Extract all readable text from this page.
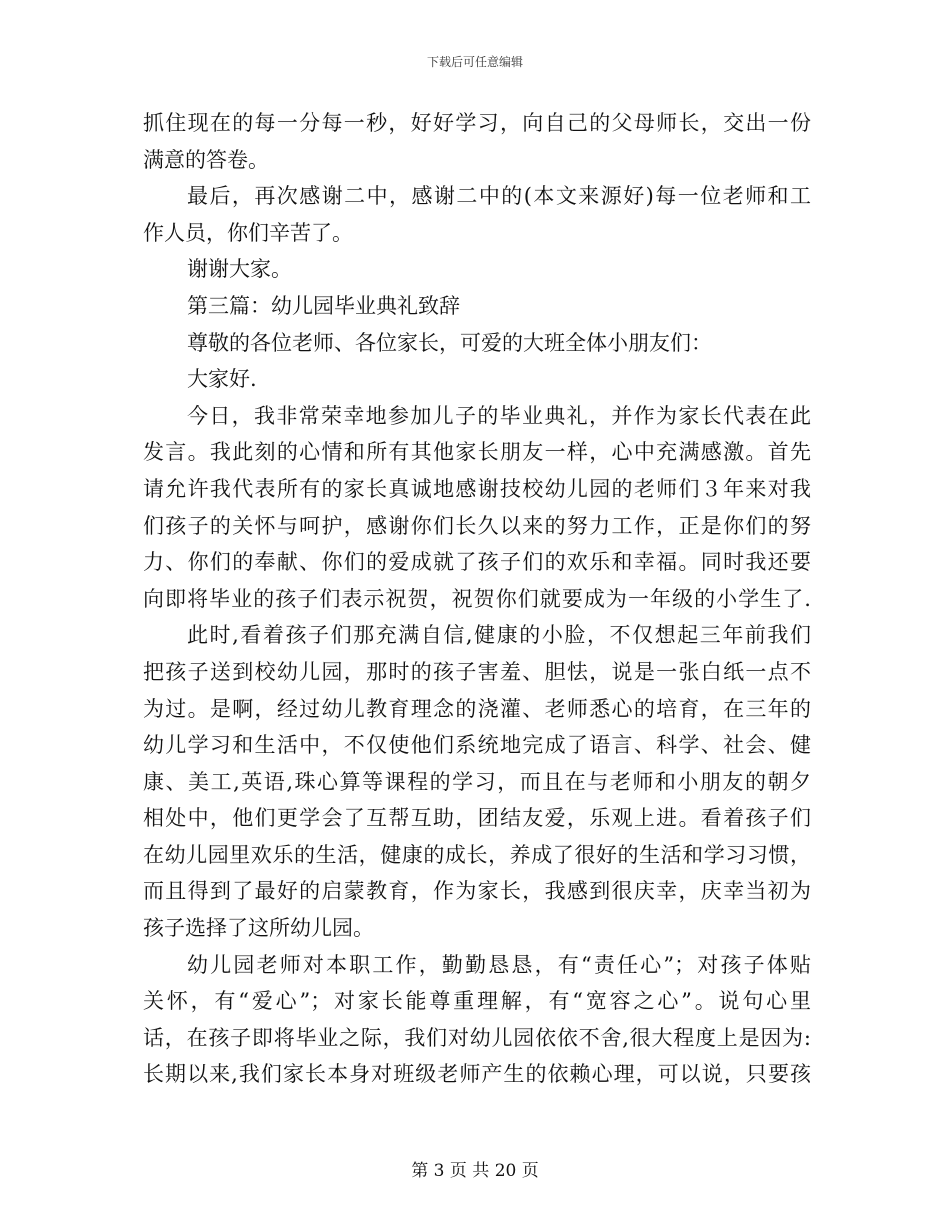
下载后可任意编辑
抓住现在的每一分每一秒，好好学习，向自己的父母师长，交出一份
满意的答卷。
最后，再次感谢二中，感谢二中的(本文来源好)每一位老师和工
作人员，你们辛苦了。
谢谢大家。
第三篇：幼儿园毕业典礼致辞
尊敬的各位老师、各位家长，可爱的大班全体小朋友们：
大家好.
今日，我非常荣幸地参加儿子的毕业典礼，并作为家长代表在此
发言。我此刻的心情和所有其他家长朋友一样，心中充满感激。首先
请允许我代表所有的家长真诚地感谢技校幼儿园的老师们３年来对我
们孩子的关怀与呵护，感谢你们长久以来的努力工作，正是你们的努
力、你们的奉献、你们的爱成就了孩子们的欢乐和幸福。同时我还要
向即将毕业的孩子们表示祝贺，祝贺你们就要成为一年级的小学生了.
此时,看着孩子们那充满自信,健康的小脸，不仅想起三年前我们
把孩子送到校幼儿园，那时的孩子害羞、胆怯，说是一张白纸一点不
为过。是啊，经过幼儿教育理念的浇灌、老师悉心的培育，在三年的
幼儿学习和生活中，不仅使他们系统地完成了语言、科学、社会、健
康、美工,英语,珠心算等课程的学习，而且在与老师和小朋友的朝夕
相处中，他们更学会了互帮互助，团结友爱，乐观上进。看着孩子们
在幼儿园里欢乐的生活，健康的成长，养成了很好的生活和学习习惯，
而且得到了最好的启蒙教育，作为家长，我感到很庆幸，庆幸当初为
孩子选择了这所幼儿园。
幼儿园老师对本职工作，勤勤恳恳，有“责任心”；对孩子体贴
关怀，有“爱心”；对家长能尊重理解，有“宽容之心”。说句心里
话，在孩子即将毕业之际，我们对幼儿园依依不舍,很大程度上是因为:
长期以来,我们家长本身对班级老师产生的依赖心理，可以说，只要孩
第 3 页 共 20 页
